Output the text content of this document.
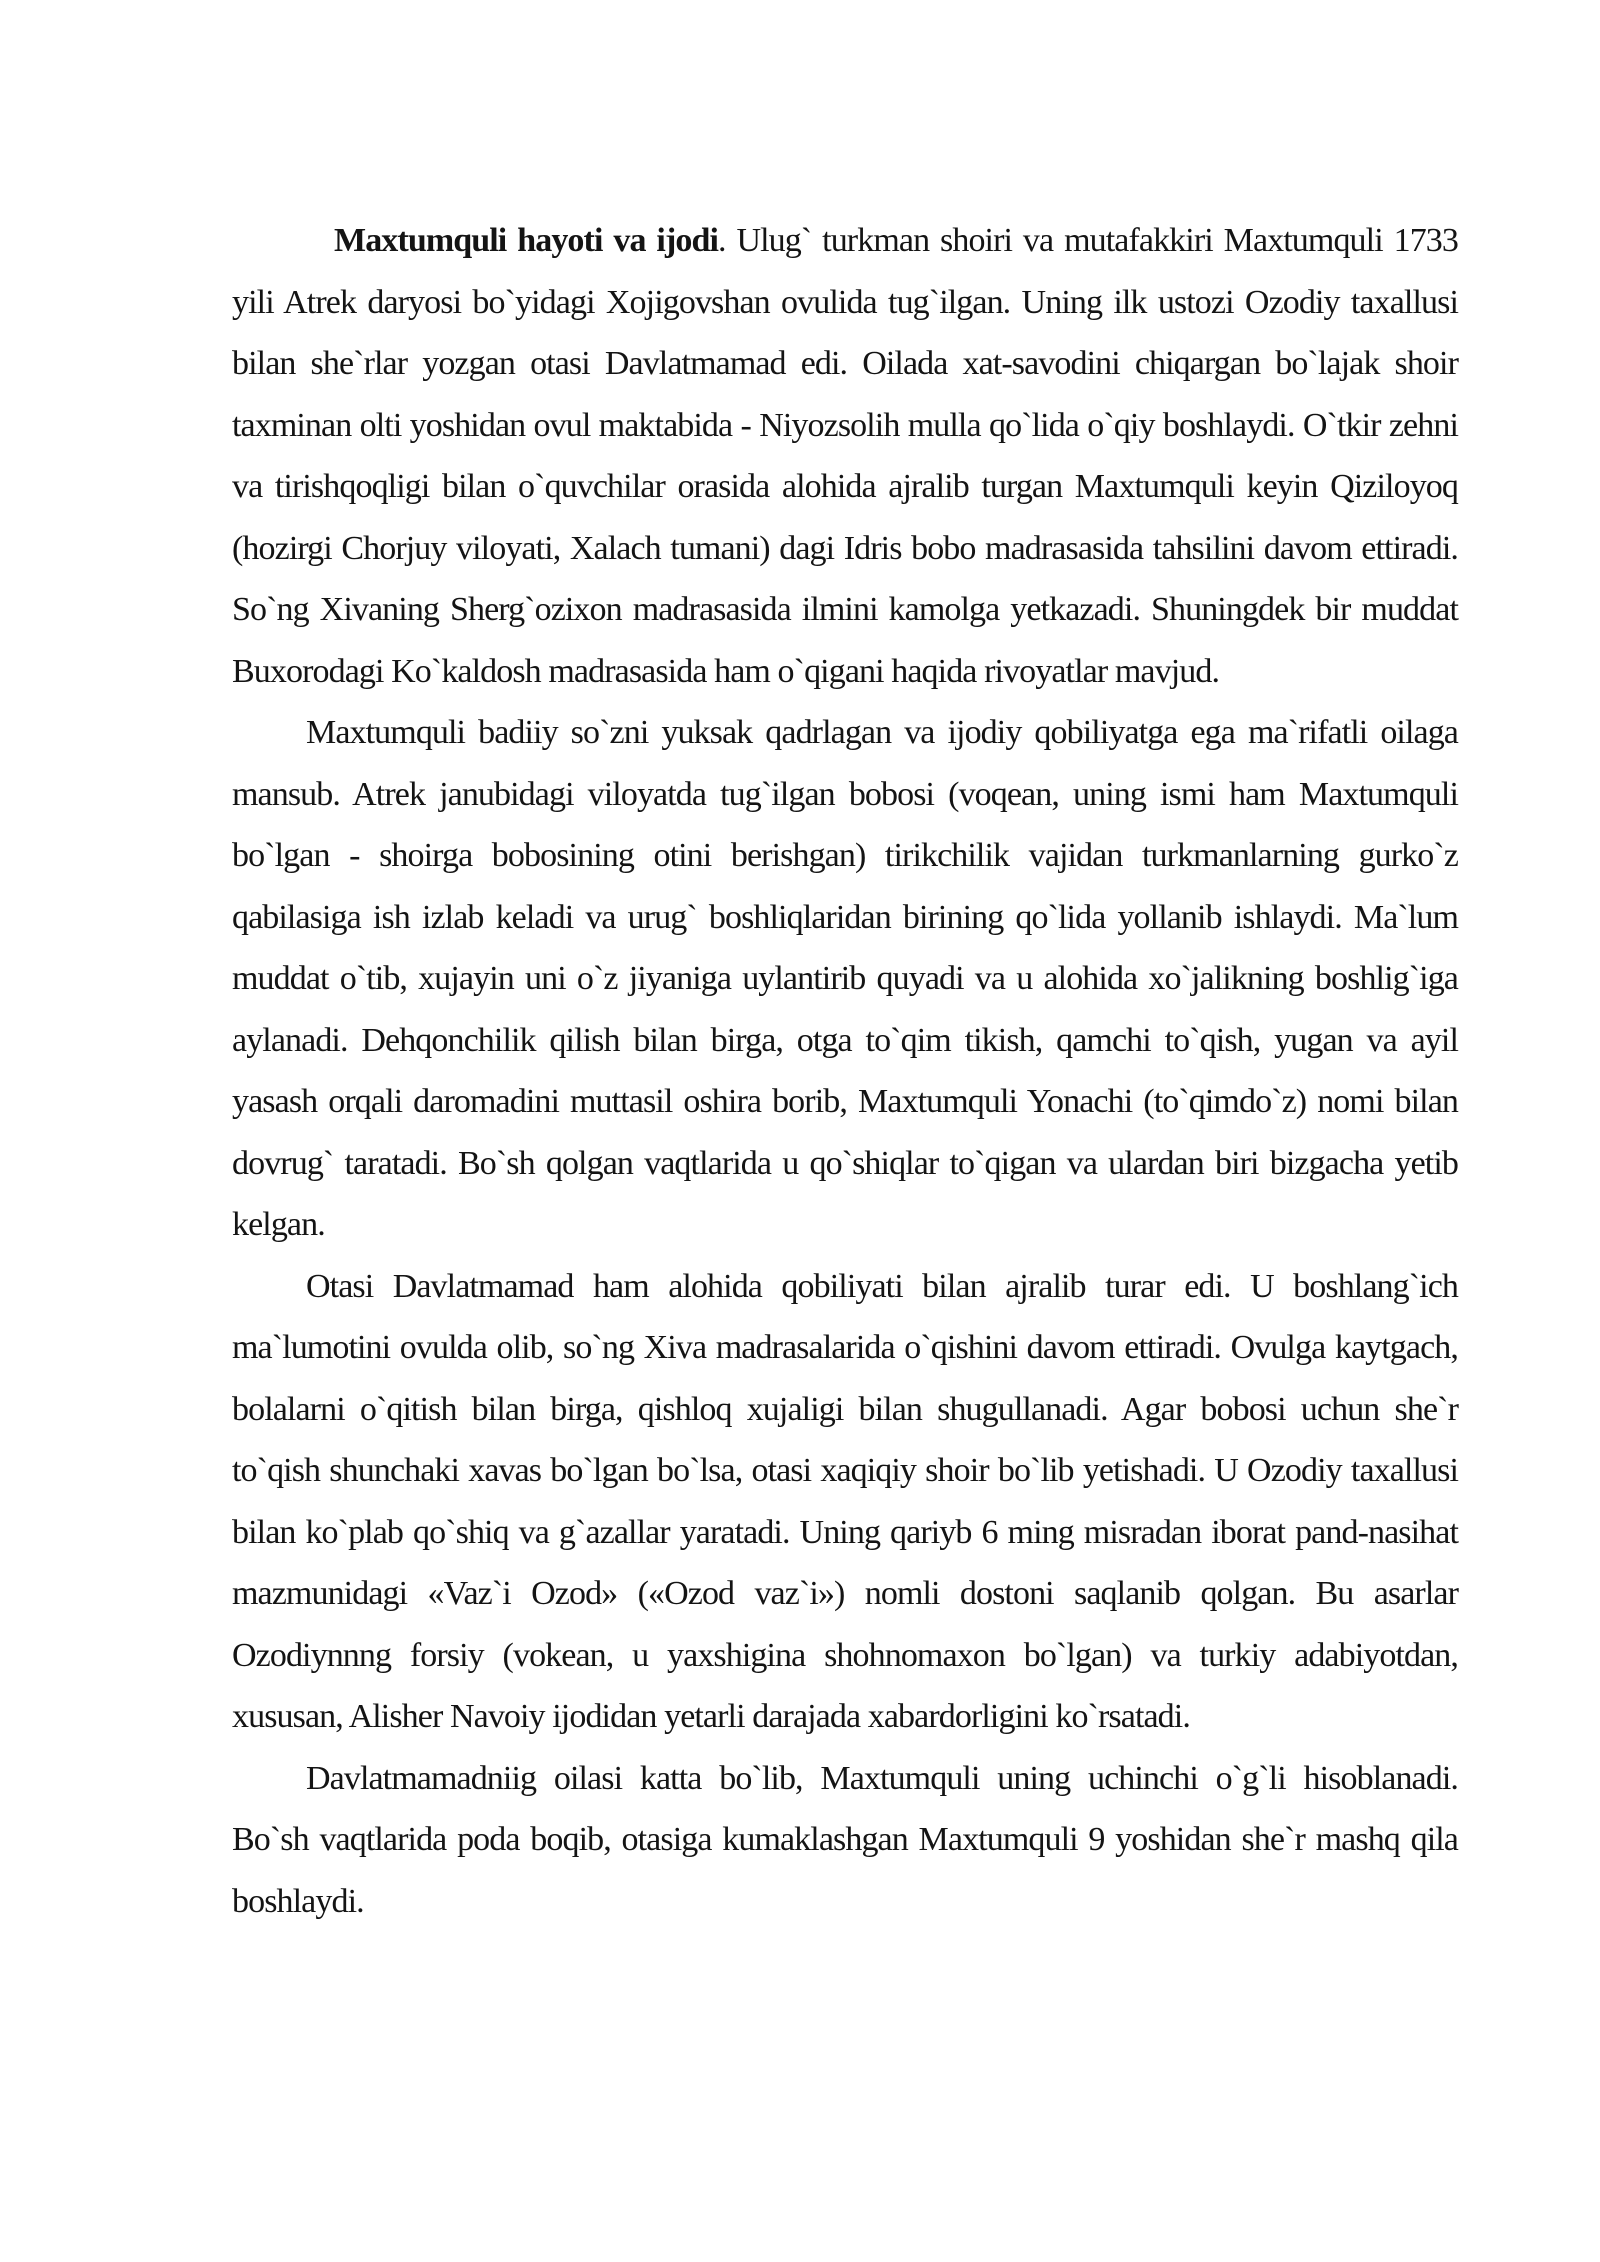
Maxtumquli hayoti va ijodi. Ulug` turkman shoiri va mutafakkiri Maxtumquli 1733 yili Atrek daryosi bo`yidagi Xojigovshan ovulida tug`ilgan. Uning ilk ustozi Ozodiy taxallusi bilan she`rlar yozgan otasi Davlatmamad edi. Oilada xat-savodini chiqargan bo`lajak shoir taxminan olti yoshidan ovul maktabida - Niyozsolih mulla qo`lida o`qiy boshlaydi. O`tkir zehni va tirishqoqligi bilan o`quvchilar orasida alohida ajralib turgan Maxtumquli keyin Qiziloyoq (hozirgi Chorjuy viloyati, Xalach tumani) dagi Idris bobo madrasasida tahsilini davom ettiradi. So`ng Xivaning Sherg`ozixon madrasasida ilmini kamolga yetkazadi. Shuningdek bir muddat Buxorodagi Ko`kaldosh madrasasida ham o`qigani haqida rivoyatlar mavjud.

Maxtumquli badiiy so`zni yuksak qadrlagan va ijodiy qobiliyatga ega ma`rifatli oilaga mansub. Atrek janubidagi viloyatda tug`ilgan bobosi (voqean, uning ismi ham Maxtumquli bo`lgan - shoirga bobosining otini berishgan) tirikchilik vajidan turkmanlarning gurko`z qabilasiga ish izlab keladi va urug` boshliqlaridan birining qo`lida yollanib ishlaydi. Ma`lum muddat o`tib, xujayin uni o`z jiyaniga uylantirib quyadi va u alohida xo`jalikning boshlig`iga aylanadi. Dehqonchilik qilish bilan birga, otga to`qim tikish, qamchi to`qish, yugan va ayil yasash orqali daromadini muttasil oshira borib, Maxtumquli Yonachi (to`qimdo`z) nomi bilan dovrug` taratadi. Bo`sh qolgan vaqtlarida u qo`shiqlar to`qigan va ulardan biri bizgacha yetib kelgan.

Otasi Davlatmamad ham alohida qobiliyati bilan ajralib turar edi. U boshlang`ich ma`lumotini ovulda olib, so`ng Xiva madrasalarida o`qishini davom ettiradi. Ovulga kaytgach, bolalarni o`qitish bilan birga, qishloq xujaligi bilan shugullanadi. Agar bobosi uchun she`r to`qish shunchaki xavas bo`lgan bo`lsa, otasi xaqiqiy shoir bo`lib yetishadi. U Ozodiy taxallusi bilan ko`plab qo`shiq va g`azallar yaratadi. Uning qariyb 6 ming misradan iborat pand-nasihat mazmunidagi «Vaz`i Ozod» («Ozod vaz`i») nomli dostoni saqlanib qolgan. Bu asarlar Ozodiynnng forsiy (vokean, u yaxshigina shohnomaxon bo`lgan) va turkiy adabiyotdan, xususan, Alisher Navoiy ijodidan yetarli darajada xabardorligini ko`rsatadi.

Davlatmamadniig oilasi katta bo`lib, Maxtumquli uning uchinchi o`g`li hisoblanadi. Bo`sh vaqtlarida poda boqib, otasiga kumaklashgan Maxtumquli 9 yoshidan she`r mashq qila boshlaydi.
